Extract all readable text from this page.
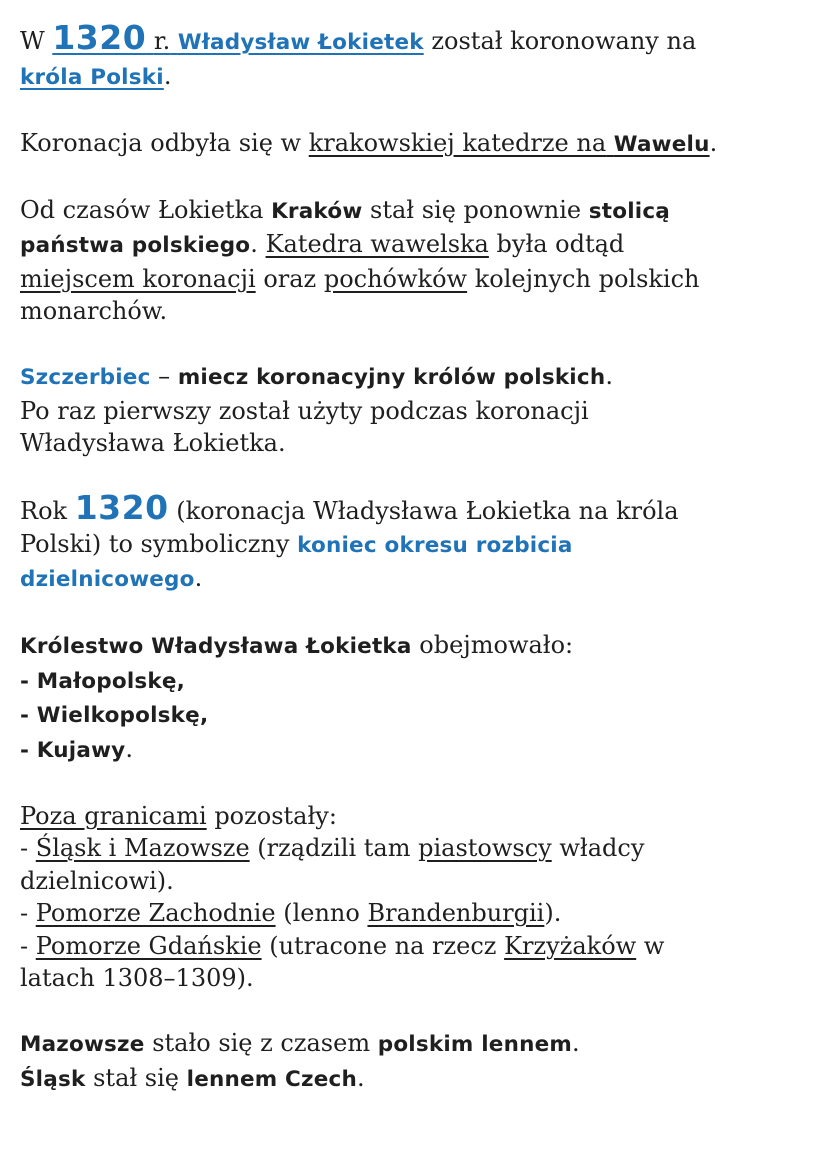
W 1320 r. Władysław Łokietek został koronowany na
króla Polski.

Koronacja odbyła się w krakowskiej katedrze na Wawelu.

Od czasów Łokietka Kraków stał się ponownie stolicą
państwa polskiego. Katedra wawelska była odtąd
miejscem koronacji oraz pochówków kolejnych polskich
monarchów.

Szczerbiec – miecz koronacyjny królów polskich.
Po raz pierwszy został użyty podczas koronacji
Władysława Łokietka.

Rok 1320 (koronacja Władysława Łokietka na króla
Polski) to symboliczny koniec okresu rozbicia
dzielnicowego.

Królestwo Władysława Łokietka obejmowało:
- Małopolskę,
- Wielkopolskę,
- Kujawy.

Poza granicami pozostały:
- Śląsk i Mazowsze (rządzili tam piastowscy władcy
dzielnicowi).
- Pomorze Zachodnie (lenno Brandenburgii).
- Pomorze Gdańskie (utracone na rzecz Krzyżaków w
latach 1308–1309).

Mazowsze stało się z czasem polskim lennem.
Śląsk stał się lennem Czech.
